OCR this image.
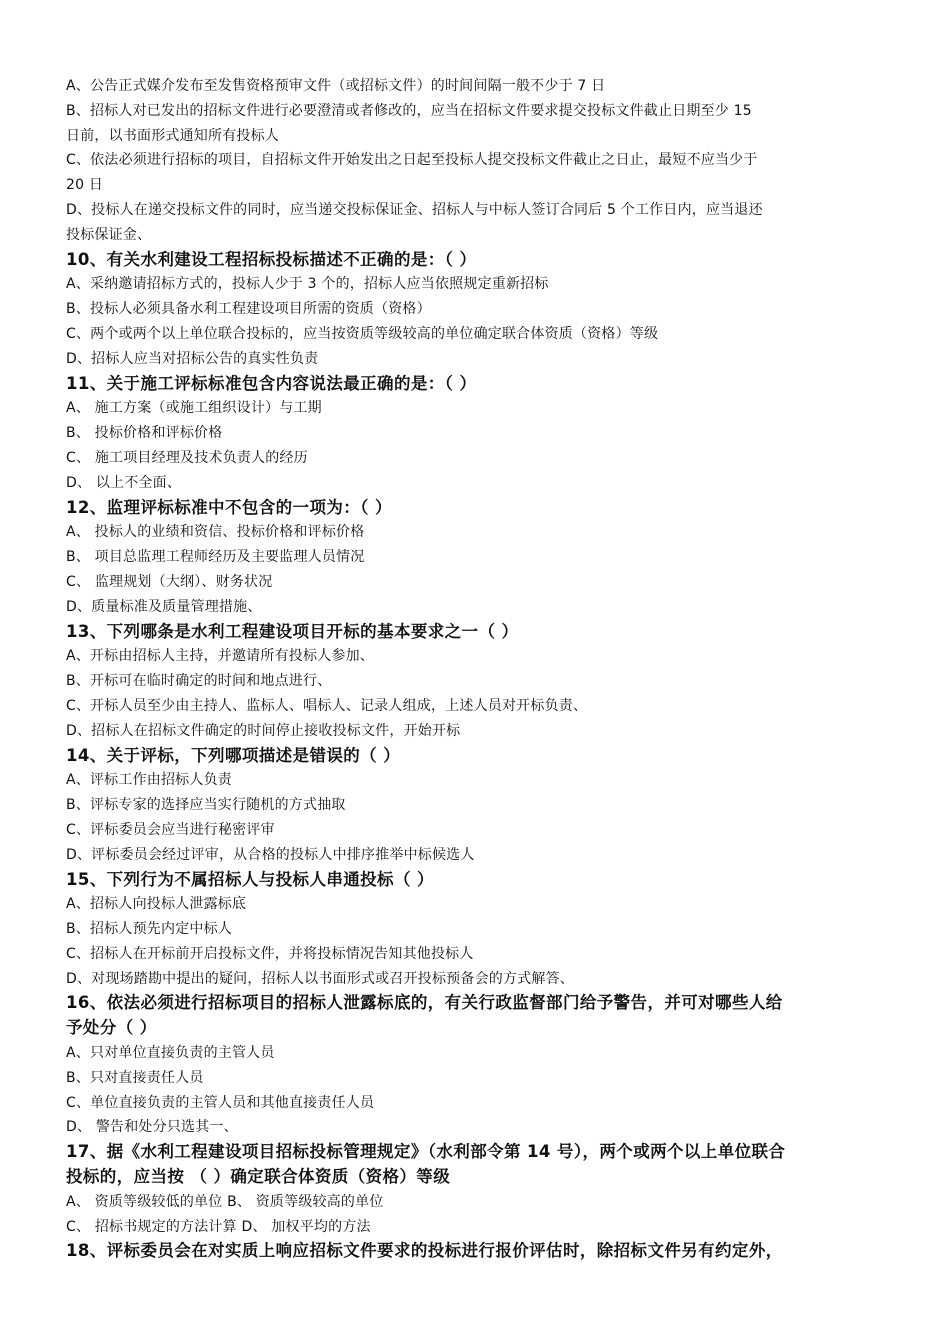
A、公告正式媒介发布至发售资格预审文件（或招标文件）的时间间隔一般不少于 7 日
B、招标人对已发出的招标文件进行必要澄清或者修改的，应当在招标文件要求提交投标文件截止日期至少 15
日前，以书面形式通知所有投标人
C、依法必须进行招标的项目，自招标文件开始发出之日起至投标人提交投标文件截止之日止，最短不应当少于
20 日
D、投标人在递交投标文件的同时，应当递交投标保证金、招标人与中标人签订合同后 5 个工作日内，应当退还
投标保证金、
10、有关水利建设工程招标投标描述不正确的是：（ ）
A、采纳邀请招标方式的，投标人少于 3 个的，招标人应当依照规定重新招标
B、投标人必须具备水利工程建设项目所需的资质（资格）
C、两个或两个以上单位联合投标的，应当按资质等级较高的单位确定联合体资质（资格）等级
D、招标人应当对招标公告的真实性负责
11、关于施工评标标准包含内容说法最正确的是：（ ）
A、 施工方案（或施工组织设计）与工期
B、 投标价格和评标价格
C、 施工项目经理及技术负责人的经历
D、 以上不全面、
12、监理评标标准中不包含的一项为：（ ）
A、 投标人的业绩和资信、投标价格和评标价格
B、 项目总监理工程师经历及主要监理人员情况
C、 监理规划（大纲）、财务状况
D、质量标准及质量管理措施、
13、下列哪条是水利工程建设项目开标的基本要求之一（ ）
A、开标由招标人主持，并邀请所有投标人参加、
B、开标可在临时确定的时间和地点进行、
C、开标人员至少由主持人、监标人、唱标人、记录人组成，上述人员对开标负责、
D、招标人在招标文件确定的时间停止接收投标文件，开始开标
14、关于评标，下列哪项描述是错误的（ ）
A、评标工作由招标人负责
B、评标专家的选择应当实行随机的方式抽取
C、评标委员会应当进行秘密评审
D、评标委员会经过评审，从合格的投标人中排序推举中标候选人
15、下列行为不属招标人与投标人串通投标（ ）
A、招标人向投标人泄露标底
B、招标人预先内定中标人
C、招标人在开标前开启投标文件，并将投标情况告知其他投标人
D、对现场踏勘中提出的疑问，招标人以书面形式或召开投标预备会的方式解答、
16、依法必须进行招标项目的招标人泄露标底的，有关行政监督部门给予警告，并可对哪些人给
予处分（ ）
A、只对单位直接负责的主管人员
B、只对直接责任人员
C、单位直接负责的主管人员和其他直接责任人员
D、 警告和处分只选其一、
17、据《水利工程建设项目招标投标管理规定》（水利部令第 14 号），两个或两个以上单位联合
投标的，应当按 （ ）确定联合体资质（资格）等级
A、 资质等级较低的单位 B、 资质等级较高的单位
C、 招标书规定的方法计算 D、 加权平均的方法
18、评标委员会在对实质上响应招标文件要求的投标进行报价评估时，除招标文件另有约定外，
